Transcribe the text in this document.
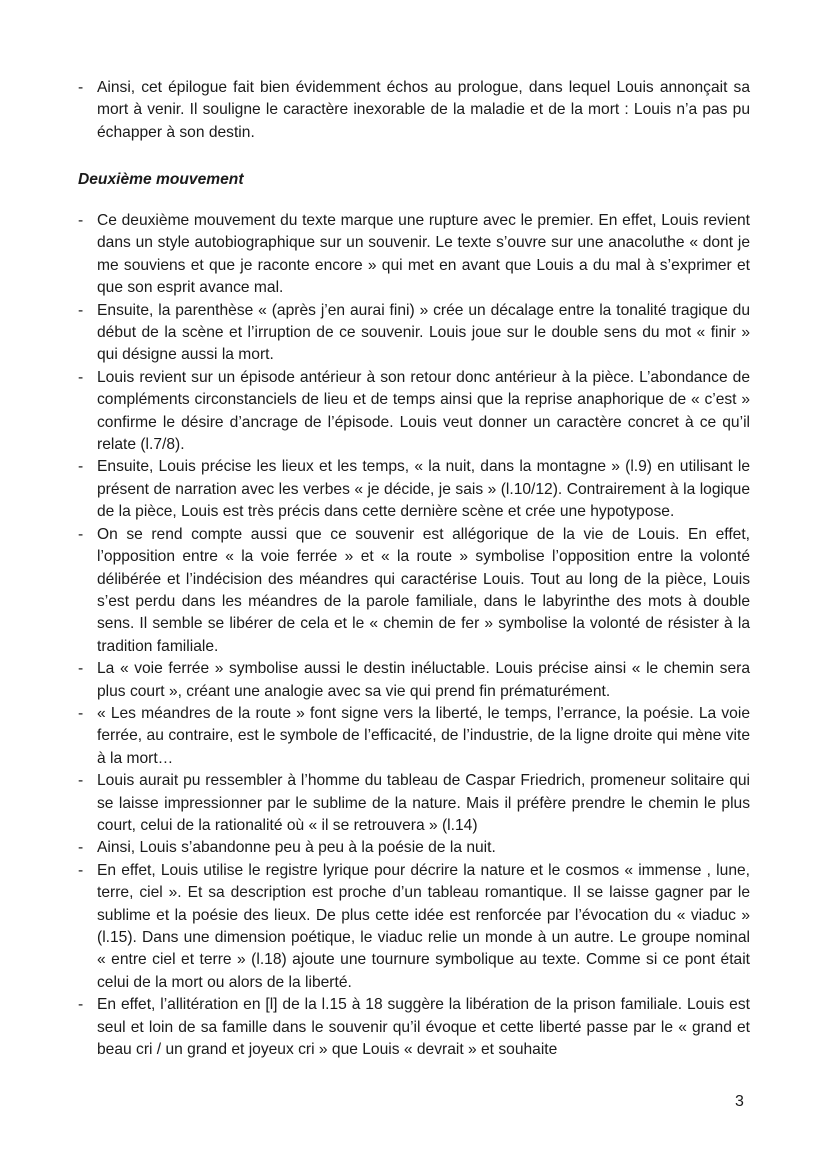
- Ainsi, cet épilogue fait bien évidemment échos au prologue, dans lequel Louis annonçait sa mort à venir. Il souligne le caractère inexorable de la maladie et de la mort : Louis n’a pas pu échapper à son destin.
Deuxième mouvement
- Ce deuxième mouvement du texte marque une rupture avec le premier. En effet, Louis revient dans un style autobiographique sur un souvenir. Le texte s’ouvre sur une anacoluthe « dont je me souviens et que je raconte encore » qui met en avant que Louis a du mal à s’exprimer et que son esprit avance mal.
- Ensuite, la parenthèse « (après j’en aurai fini) » crée un décalage entre la tonalité tragique du début de la scène et l’irruption de ce souvenir. Louis joue sur le double sens du mot « finir » qui désigne aussi la mort.
- Louis revient sur un épisode antérieur à son retour donc antérieur à la pièce. L’abondance de compléments circonstanciels de lieu et de temps ainsi que la reprise anaphorique de « c’est » confirme le désire d’ancrage de l’épisode. Louis veut donner un caractère concret à ce qu’il relate (l.7/8).
- Ensuite, Louis précise les lieux et les temps, « la nuit, dans la montagne » (l.9) en utilisant le présent de narration avec les verbes « je décide, je sais » (l.10/12). Contrairement à la logique de la pièce, Louis est très précis dans cette dernière scène et crée une hypotypose.
- On se rend compte aussi que ce souvenir est allégorique de la vie de Louis. En effet, l’opposition entre « la voie ferrée » et « la route » symbolise l’opposition entre la volonté délibérée et l’indécision des méandres qui caractérise Louis. Tout au long de la pièce, Louis s’est perdu dans les méandres de la parole familiale, dans le labyrinthe des mots à double sens. Il semble se libérer de cela et le « chemin de fer » symbolise la volonté de résister à la tradition familiale.
- La « voie ferrée » symbolise aussi le destin inéluctable. Louis précise ainsi « le chemin sera plus court », créant une analogie avec sa vie qui prend fin prématurément.
- « Les méandres de la route » font signe vers la liberté, le temps, l’errance, la poésie. La voie ferrée, au contraire, est le symbole de l’efficacité, de l’industrie, de la ligne droite qui mène vite à la mort…
- Louis aurait pu ressembler à l’homme du tableau de Caspar Friedrich, promeneur solitaire qui se laisse impressionner par le sublime de la nature. Mais il préfère prendre le chemin le plus court, celui de la rationalité où « il se retrouvera » (l.14)
- Ainsi, Louis s’abandonne peu à peu à la poésie de la nuit.
- En effet, Louis utilise le registre lyrique pour décrire la nature et le cosmos « immense , lune, terre, ciel ». Et sa description est proche d’un tableau romantique. Il se laisse gagner par le sublime et la poésie des lieux. De plus cette idée est renforcée par l’évocation du « viaduc » (l.15). Dans une dimension poétique, le viaduc relie un monde à un autre. Le groupe nominal « entre ciel et terre » (l.18) ajoute une tournure symbolique au texte. Comme si ce pont était celui de la mort ou alors de la liberté.
- En effet, l’allitération en [l] de la l.15 à 18 suggère la libération de la prison familiale. Louis est seul et loin de sa famille dans le souvenir qu’il évoque et cette liberté passe par le « grand et beau cri / un grand et joyeux cri » que Louis « devrait » et souhaite
3
